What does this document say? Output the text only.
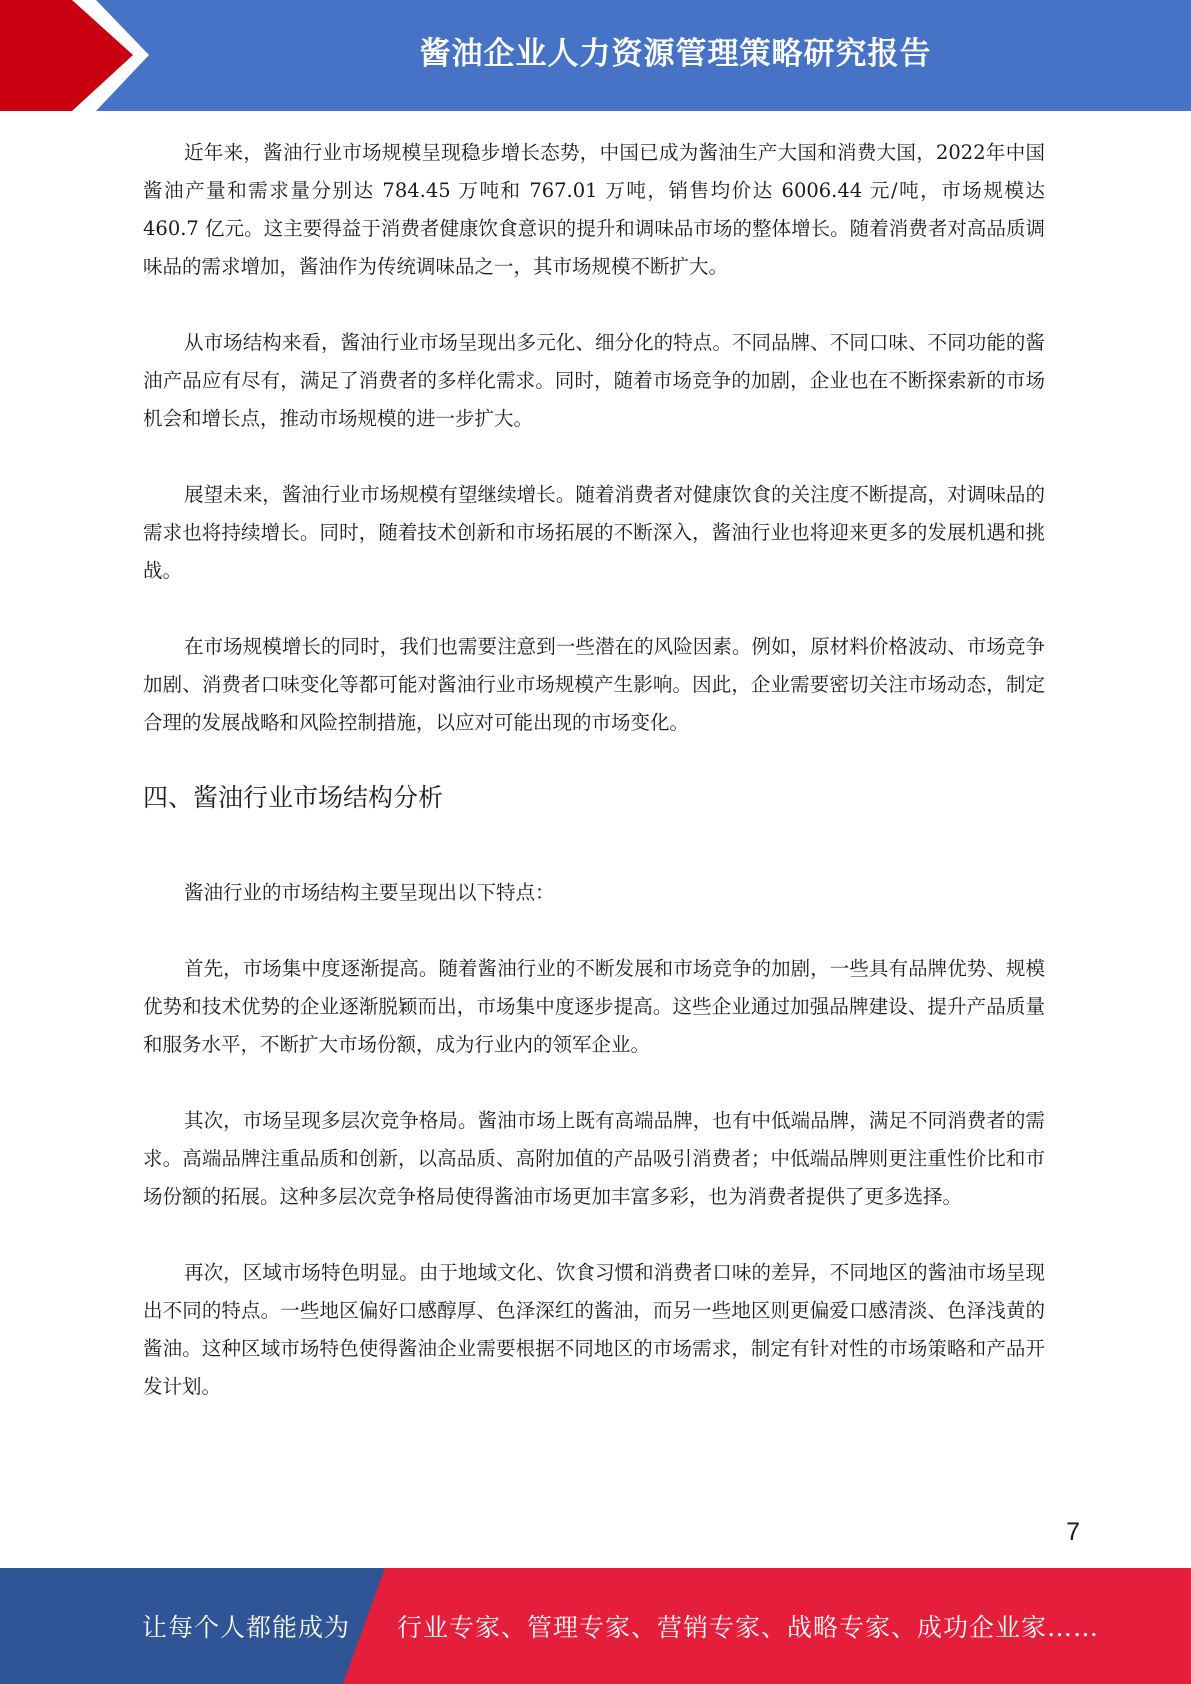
酱油企业人力资源管理策略研究报告

近年来，酱油行业市场规模呈现稳步增长态势，中国已成为酱油生产大国和消费大国，2022年中国酱油产量和需求量分别达 784.45 万吨和 767.01 万吨，销售均价达 6006.44 元/吨，市场规模达 460.7 亿元。这主要得益于消费者健康饮食意识的提升和调味品市场的整体增长。随着消费者对高品质调味品的需求增加，酱油作为传统调味品之一，其市场规模不断扩大。

从市场结构来看，酱油行业市场呈现出多元化、细分化的特点。不同品牌、不同口味、不同功能的酱油产品应有尽有，满足了消费者的多样化需求。同时，随着市场竞争的加剧，企业也在不断探索新的市场机会和增长点，推动市场规模的进一步扩大。

展望未来，酱油行业市场规模有望继续增长。随着消费者对健康饮食的关注度不断提高，对调味品的需求也将持续增长。同时，随着技术创新和市场拓展的不断深入，酱油行业也将迎来更多的发展机遇和挑战。

在市场规模增长的同时，我们也需要注意到一些潜在的风险因素。例如，原材料价格波动、市场竞争加剧、消费者口味变化等都可能对酱油行业市场规模产生影响。因此，企业需要密切关注市场动态，制定合理的发展战略和风险控制措施，以应对可能出现的市场变化。

四、酱油行业市场结构分析

酱油行业的市场结构主要呈现出以下特点：

首先，市场集中度逐渐提高。随着酱油行业的不断发展和市场竞争的加剧，一些具有品牌优势、规模优势和技术优势的企业逐渐脱颖而出，市场集中度逐步提高。这些企业通过加强品牌建设、提升产品质量和服务水平，不断扩大市场份额，成为行业内的领军企业。

其次，市场呈现多层次竞争格局。酱油市场上既有高端品牌，也有中低端品牌，满足不同消费者的需求。高端品牌注重品质和创新，以高品质、高附加值的产品吸引消费者；中低端品牌则更注重性价比和市场份额的拓展。这种多层次竞争格局使得酱油市场更加丰富多彩，也为消费者提供了更多选择。

再次，区域市场特色明显。由于地域文化、饮食习惯和消费者口味的差异，不同地区的酱油市场呈现出不同的特点。一些地区偏好口感醇厚、色泽深红的酱油，而另一些地区则更偏爱口感清淡、色泽浅黄的酱油。这种区域市场特色使得酱油企业需要根据不同地区的市场需求，制定有针对性的市场策略和产品开发计划。

7
让每个人都能成为 行业专家、管理专家、营销专家、战略专家、成功企业家……
